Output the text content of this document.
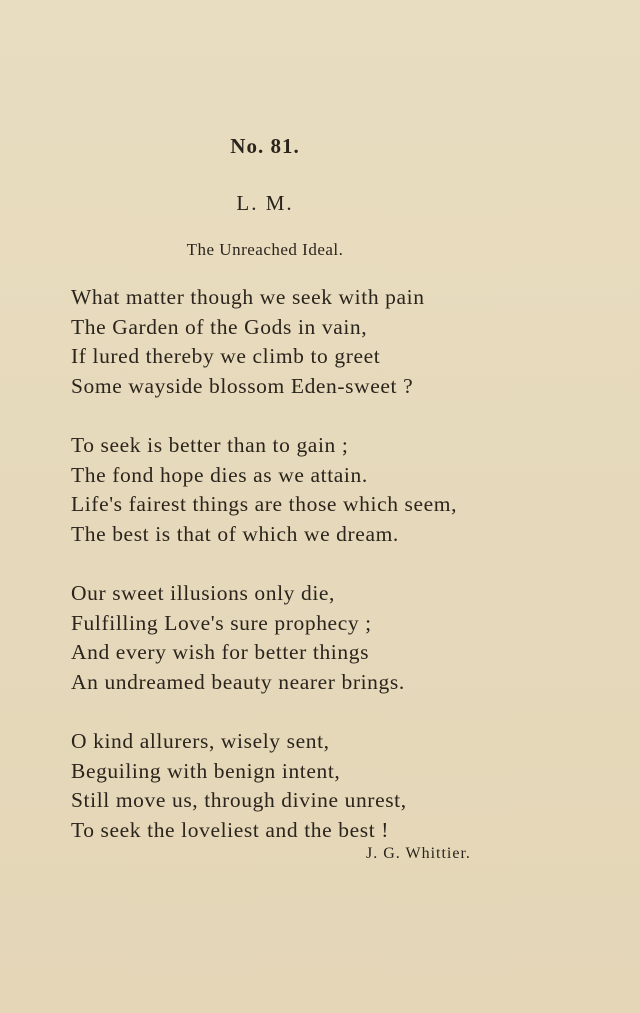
No. 81.
L. M.
The Unreached Ideal.
What matter though we seek with pain
The Garden of the Gods in vain,
If lured thereby we climb to greet
Some wayside blossom Eden-sweet ?
To seek is better than to gain ;
The fond hope dies as we attain.
Life's fairest things are those which seem,
The best is that of which we dream.
Our sweet illusions only die,
Fulfilling Love's sure prophecy ;
And every wish for better things
An undreamed beauty nearer brings.
O kind allurers, wisely sent,
Beguiling with benign intent,
Still move us, through divine unrest,
To seek the loveliest and the best !
J. G. Whittier.
